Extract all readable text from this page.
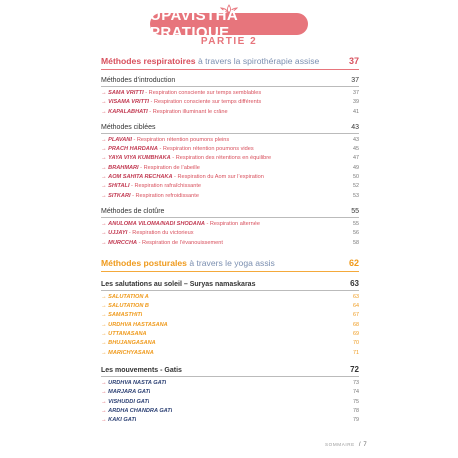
UPAVISTHA PRATIQUE
PARTIE 2
Méthodes respiratoires à travers la spirothérapie assise	37
Méthodes d’introduction	37
→ SAMA VRITTI - Respiration consciente sur temps semblables	37
→ VISAMA VRITTI - Respiration consciente sur temps différents	39
→ KAPALABHATI - Respiration illuminant le crâne	41
Méthodes ciblées	43
→ PLAVANI - Respiration rétention poumons pleins	43
→ PRACH HARDANA - Respiration rétention poumons vides	45
→ YAYA VIYA KUMBHAKA - Respiration des rétentions en équilibre	47
→ BRAHMARI - Respiration de l’abeille	49
→ AOM SAHITA RECHAKA - Respiration du Aom sur l’expiration	50
→ SHITALI - Respiration rafraîchissante	52
→ SITKARI - Respiration refroidissante	53
Méthodes de clotûre	55
→ ANULOMA VILOMA/NADI SHODANA - Respiration alternée	55
→ UJJAYI - Respiration du victorieux	56
→ MURCCHA - Respiration de l’évanouissement	58
Méthodes posturales à travers le yoga assis	62
Les salutations au soleil – Suryas namaskaras	63
→ SALUTATION A	63
→ SALUTATION B	64
→ SAMASTHITI	67
→ URDHVA HASTASANA	68
→ UTTANASANA	69
→ BHUJANGASANA	70
→ MARICHYASANA	71
Les mouvements - Gatis	72
→ URDHVA NASTA GATI	73
→ MARJARA GATI	74
→ VISHUDDI GATI	75
→ ARDHA CHANDRA GATI	78
→ KAKI GATI	79
SOMMAIRE / 7
